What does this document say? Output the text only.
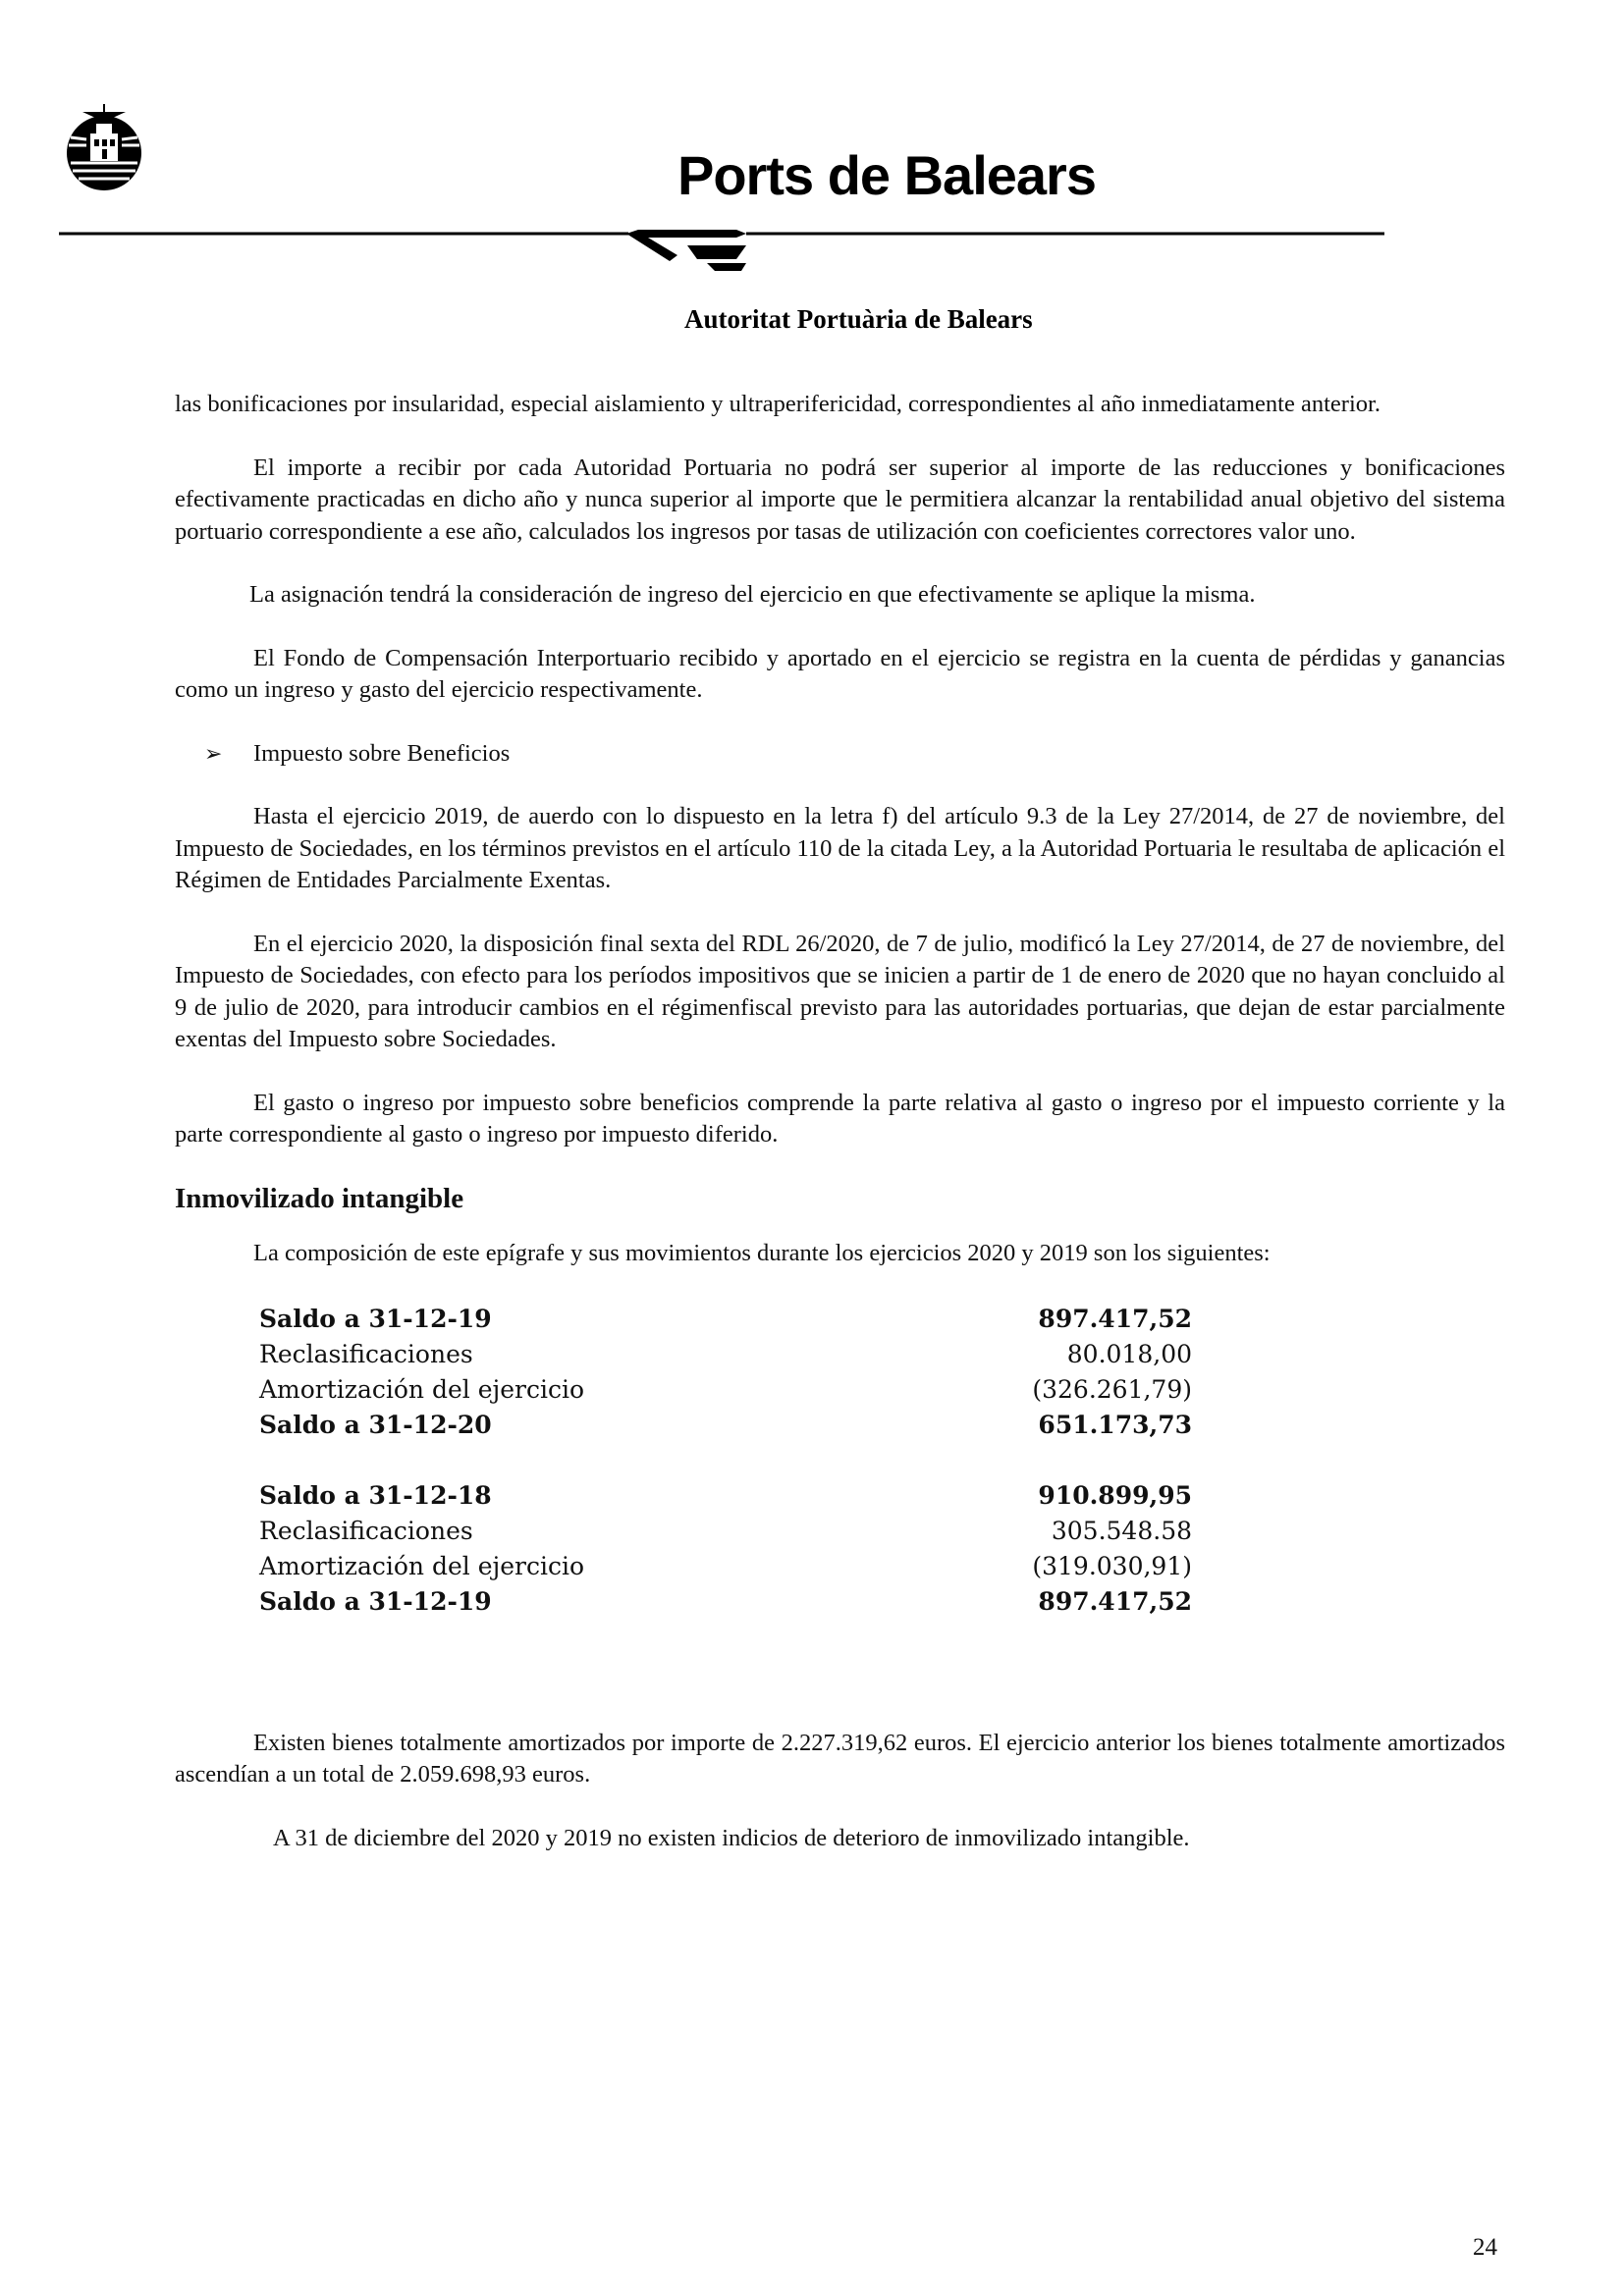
Ports de Balears
Autoritat Portuària de Balears

las bonificaciones por insularidad, especial aislamiento y ultraperifericidad, correspondientes al año inmediatamente anterior.

El importe a recibir por cada Autoridad Portuaria no podrá ser superior al importe de las reducciones y bonificaciones efectivamente practicadas en dicho año y nunca superior al importe que le permitiera alcanzar la rentabilidad anual objetivo del sistema portuario correspondiente a ese año, calculados los ingresos por tasas de utilización con coeficientes correctores valor uno.

La asignación tendrá la consideración de ingreso del ejercicio en que efectivamente se aplique la misma.

El Fondo de Compensación Interportuario recibido y aportado en el ejercicio se registra en la cuenta de pérdidas y ganancias como un ingreso y gasto del ejercicio respectivamente.

➢	Impuesto sobre Beneficios

Hasta el ejercicio 2019, de auerdo con lo dispuesto en la letra f) del artículo 9.3 de la Ley 27/2014, de 27 de noviembre, del Impuesto de Sociedades, en los términos previstos en el artículo 110 de la citada Ley, a la Autoridad Portuaria le resultaba de aplicación el Régimen de Entidades Parcialmente Exentas.

En el ejercicio 2020, la disposición final sexta del RDL 26/2020, de 7 de julio, modificó la Ley 27/2014, de 27 de noviembre, del Impuesto de Sociedades, con efecto para los períodos impositivos que se inicien a partir de 1 de enero de 2020 que no hayan concluido al 9 de julio de 2020, para introducir cambios en el régimenfiscal previsto para las autoridades portuarias, que dejan de estar parcialmente exentas del Impuesto sobre Sociedades.

El gasto o ingreso por impuesto sobre beneficios comprende la parte relativa al gasto o ingreso por el impuesto corriente y la parte correspondiente al gasto o ingreso por impuesto diferido.

Inmovilizado intangible

La composición de este epígrafe y sus movimientos durante los ejercicios 2020 y 2019 son los siguientes:

Saldo a 31-12-19	897.417,52
Reclasificaciones	80.018,00
Amortización del ejercicio	(326.261,79)
Saldo a 31-12-20	651.173,73
Saldo a 31-12-18	910.899,95
Reclasificaciones	305.548.58
Amortización del ejercicio	(319.030,91)
Saldo a 31-12-19	897.417,52

Existen bienes totalmente amortizados por importe de 2.227.319,62 euros. El ejercicio anterior los bienes totalmente amortizados ascendían a un total de 2.059.698,93 euros.

A 31 de diciembre del 2020 y 2019 no existen indicios de deterioro de inmovilizado intangible.

24
